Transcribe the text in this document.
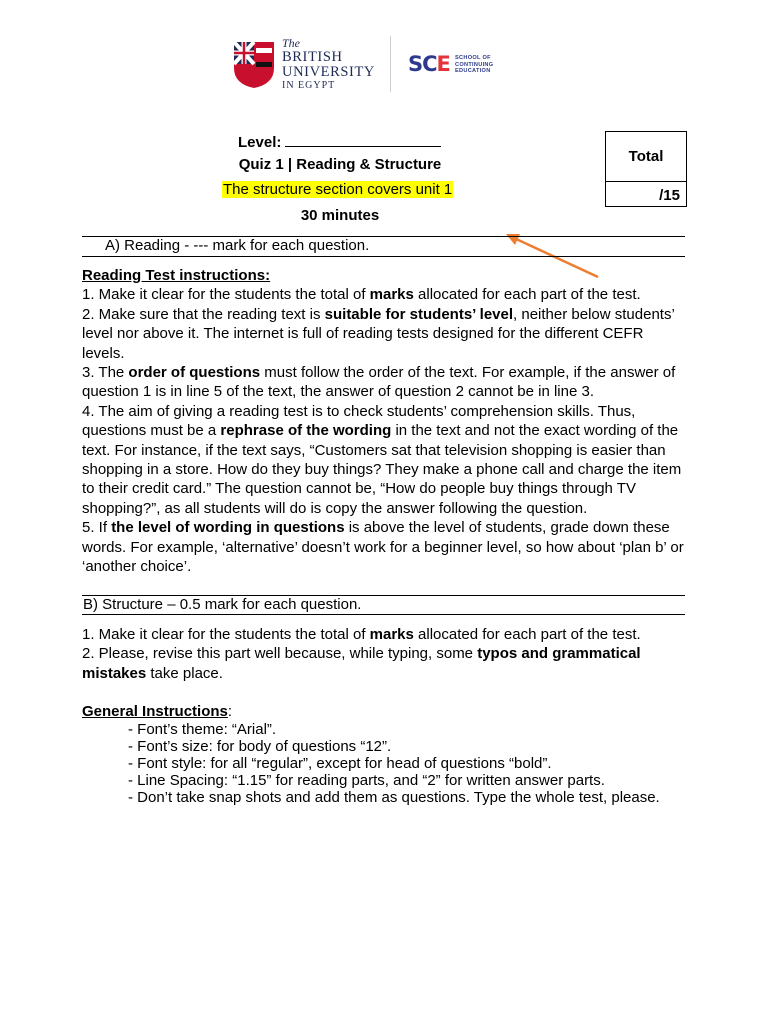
The
BRITISH
UNIVERSITY
IN EGYPT
SCE SCHOOL OF
CONTINUING
EDUCATION
Level:
Quiz 1 | Reading & Structure
The structure section covers unit 1
30 minutes
Total
/15
A) Reading - --- mark for each question.
Reading Test instructions:

1. Make it clear for the students the total of marks allocated for each part of the test.

2. Make sure that the reading text is suitable for students’ level, neither below students’ level nor above it. The internet is full of reading tests designed for the different CEFR levels.

3. The order of questions must follow the order of the text. For example, if the answer of question 1 is in line 5 of the text, the answer of question 2 cannot be in line 3.

4. The aim of giving a reading test is to check students’ comprehension skills. Thus, questions must be a rephrase of the wording in the text and not the exact wording of the text. For instance, if the text says, “Customers sat that television shopping is easier than shopping in a store. How do they buy things? They make a phone call and charge the item to their credit card.” The question cannot be, “How do people buy things through TV shopping?”, as all students will do is copy the answer following the question.

5. If the level of wording in questions is above the level of students, grade down these words. For example, ‘alternative’ doesn’t work for a beginner level, so how about ‘plan b’ or ‘another choice’.

B) Structure – 0.5 mark for each question.

1. Make it clear for the students the total of marks allocated for each part of the test.

2. Please, revise this part well because, while typing, some typos and grammatical mistakes take place.

General Instructions:
- Font’s theme: “Arial”.
- Font’s size: for body of questions “12”.
- Font style: for all “regular”, except for head of questions “bold”.
- Line Spacing: “1.15” for reading parts, and “2” for written answer parts.
- Don’t take snap shots and add them as questions. Type the whole test, please.
